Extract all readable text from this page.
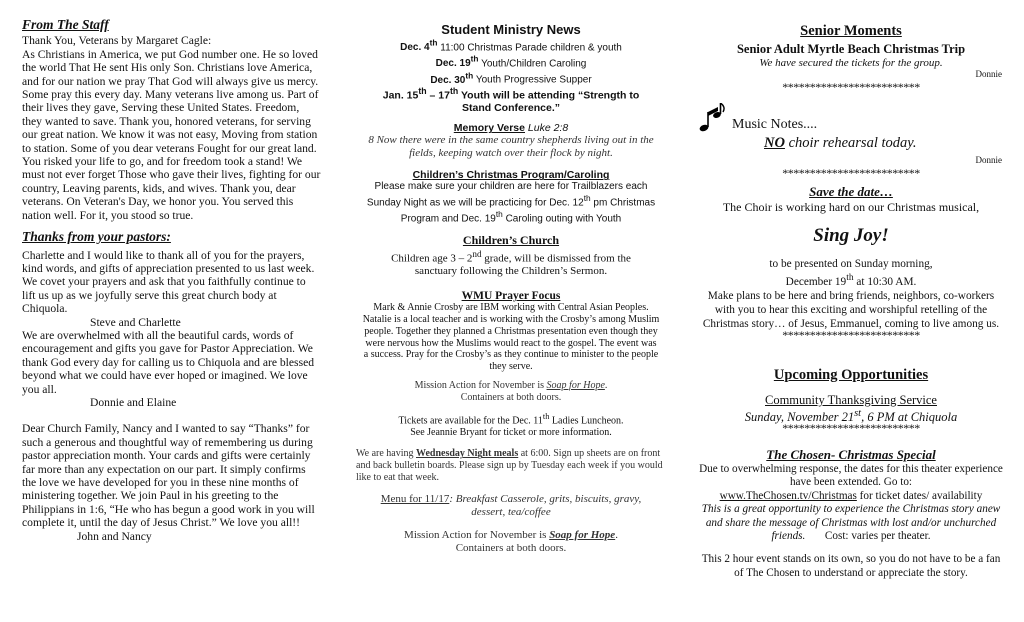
From The Staff

Thank You, Veterans by Margaret Cagle:

As Christians in America, we put God number one. He so loved the world That He sent His only Son. Christians love America, and for our nation we pray That God will always give us mercy. Some pray this every day. Many veterans live among us. Part of their lives they gave, Serving these United States. Freedom, they wanted to save. Thank you, honored veterans, for serving our great nation. We know it was not easy, Moving from station to station. Some of you dear veterans Fought for our great land. You risked your life to go, and for freedom took a stand! We must not ever forget Those who gave their lives, fighting for our country, Leaving parents, kids, and wives. Thank you, dear veterans. On Veteran's Day, we honor you. You served this nation well. For it, you stood so true.

Thanks from your pastors:

Charlette and I would like to thank all of you for the prayers, kind words, and gifts of appreciation presented to us last week. We covet your prayers and ask that you faithfully continue to lift us up as we joyfully serve this great church body at Chiquola.

Steve and Charlette

We are overwhelmed with all the beautiful cards, words of encouragement and gifts you gave for Pastor Appreciation. We thank God every day for calling us to Chiquola and are blessed beyond what we could have ever hoped or imagined. We love you all.

Donnie and Elaine

Dear Church Family, Nancy and I wanted to say “Thanks” for such a generous and thoughtful way of remembering us during pastor appreciation month. Your cards and gifts were certainly far more than any expectation on our part. It simply confirms the love we have developed for you in these nine months of ministering together. We join Paul in his greeting to the Philippians in 1:6, “He who has begun a good work in you will complete it, until the day of Jesus Christ.” We love you all!!

John and Nancy

Student Ministry News

Dec. 4th 11:00 Christmas Parade children & youth

Dec. 19th Youth/Children Caroling

Dec. 30th Youth Progressive Supper

Jan. 15th – 17th Youth will be attending “Strength to Stand Conference.”

Memory Verse Luke 2:8

8 Now there were in the same country shepherds living out in the fields, keeping watch over their flock by night.

Children’s Christmas Program/Caroling

Please make sure your children are here for Trailblazers each Sunday Night as we will be practicing for Dec. 12th pm Christmas Program and Dec. 19th Caroling outing with Youth

Children’s Church

Children age 3 – 2nd grade, will be dismissed from the sanctuary following the Children’s Sermon.

WMU Prayer Focus

Mark & Annie Crosby are IBM working with Central Asian Peoples. Natalie is a local teacher and is working with the Crosby’s among Muslim people. Together they planned a Christmas presentation even though they were nervous how the Muslims would react to the gospel. The event was a success. Pray for the Crosby’s as they continue to minister to the people they serve.

Mission Action for November is Soap for Hope.
Containers at both doors.

Tickets are available for the Dec. 11th Ladies Luncheon.
See Jeannie Bryant for ticket or more information.

We are having Wednesday Night meals at 6:00. Sign up sheets are on front and back bulletin boards. Please sign up by Tuesday each week if you would like to eat that week.

Menu for 11/17: Breakfast Casserole, grits, biscuits, gravy, dessert, tea/coffee

Mission Action for November is Soap for Hope.
Containers at both doors.

Senior Moments

Senior Adult Myrtle Beach Christmas Trip

We have secured the tickets for the group.

Donnie

*************************

Music Notes....
NO choir rehearsal today.

Donnie

*************************

Save the date…

The Choir is working hard on our Christmas musical,

Sing Joy!

to be presented on Sunday morning,
December 19th at 10:30 AM.

Make plans to be here and bring friends, neighbors, co-workers with you to hear this exciting and worshipful retelling of the Christmas story… of Jesus, Emmanuel, coming to live among us.

*************************

Upcoming Opportunities

Community Thanksgiving Service

Sunday, November 21st, 6 PM at Chiquola

*************************

The Chosen- Christmas Special

Due to overwhelming response, the dates for this theater experience have been extended. Go to:
www.TheChosen.tv/Christmas for ticket dates/ availability

This is a great opportunity to experience the Christmas story anew and share the message of Christmas with lost and/or unchurched friends. Cost: varies per theater.

This 2 hour event stands on its own, so you do not have to be a fan of The Chosen to understand or appreciate the story.
